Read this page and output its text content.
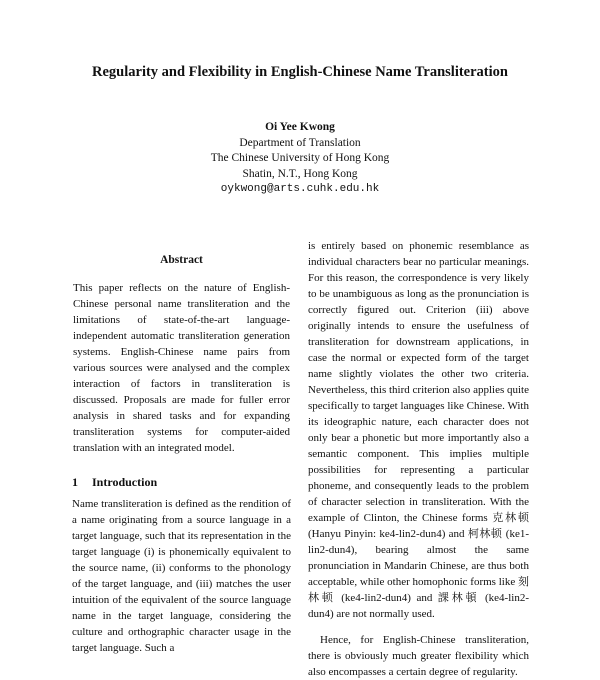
Regularity and Flexibility in English-Chinese Name Transliteration
Oi Yee Kwong
Department of Translation
The Chinese University of Hong Kong
Shatin, N.T., Hong Kong
oykwong@arts.cuhk.edu.hk
Abstract

This paper reflects on the nature of English-Chinese personal name transliteration and the limitations of state-of-the-art language-independent automatic transliteration generation systems. English-Chinese name pairs from various sources were analysed and the complex interaction of factors in transliteration is discussed. Proposals are made for fuller error analysis in shared tasks and for expanding transliteration systems for computer-aided translation with an integrated model.

1 Introduction

Name transliteration is defined as the rendition of a name originating from a source language in a target language, such that its representation in the target language (i) is phonemically equivalent to the source name, (ii) conforms to the phonology of the target language, and (iii) matches the user intuition of the equivalent of the source language name in the target language, considering the culture and orthographic character usage in the target language. Such a

is entirely based on phonemic resemblance as individual characters bear no particular meanings. For this reason, the correspondence is very likely to be unambiguous as long as the pronunciation is correctly figured out. Criterion (iii) above originally intends to ensure the usefulness of transliteration for downstream applications, in case the normal or expected form of the target name slightly violates the other two criteria. Nevertheless, this third criterion also applies quite specifically to target languages like Chinese. With its ideographic nature, each character does not only bear a phonetic but more importantly also a semantic component. This implies multiple possibilities for representing a particular phoneme, and consequently leads to the problem of character selection in transliteration. With the example of Clinton, the Chinese forms 克林顿 (Hanyu Pinyin: ke4-lin2-dun4) and 柯林顿 (ke1-lin2-dun4), bearing almost the same pronunciation in Mandarin Chinese, are thus both acceptable, while other homophonic forms like 刻林顿 (ke4-lin2-dun4) and 課林頓 (ke4-lin2-dun4) are not normally used.

Hence, for English-Chinese transliteration, there is obviously much greater flexibility which also encompasses a certain degree of regularity.
